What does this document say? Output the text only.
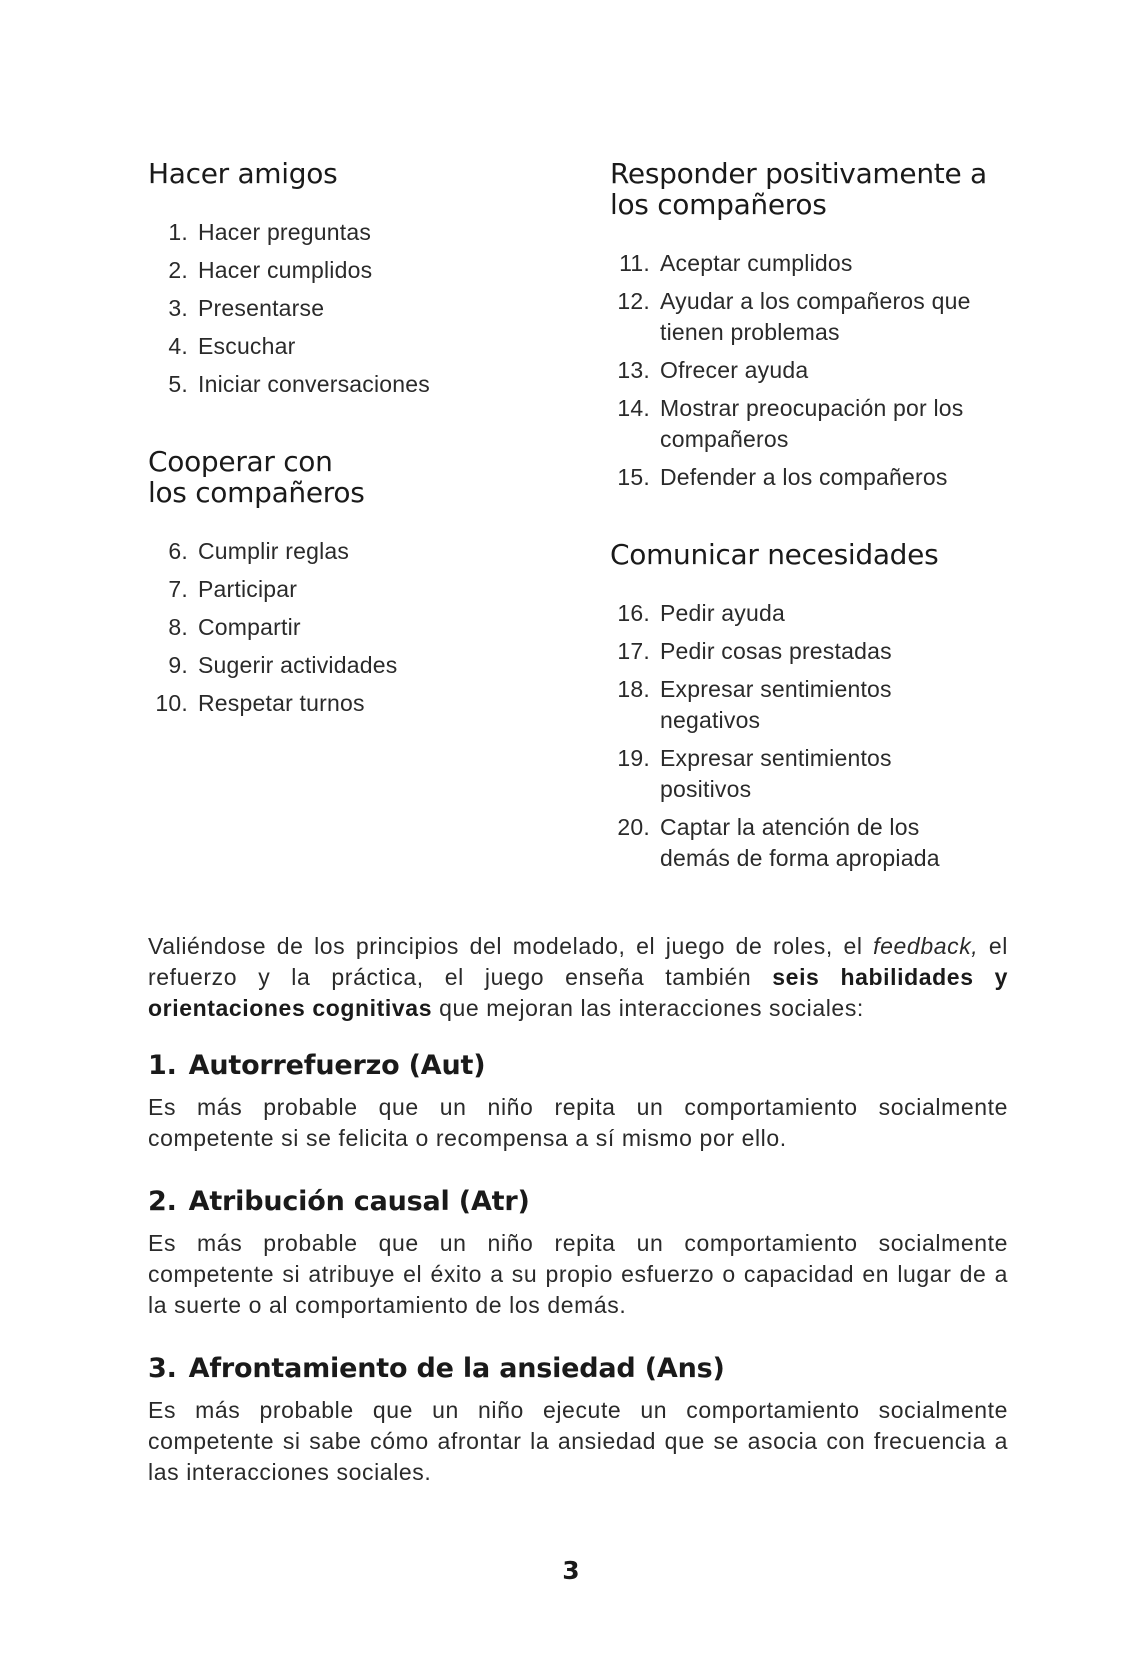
Hacer amigos
1. Hacer preguntas
2. Hacer cumplidos
3. Presentarse
4. Escuchar
5. Iniciar conversaciones
Cooperar con
los compañeros
6. Cumplir reglas
7. Participar
8. Compartir
9. Sugerir actividades
10. Respetar turnos
Responder positivamente a
los compañeros
11. Aceptar cumplidos
12. Ayudar a los compañeros que
tienen problemas
13. Ofrecer ayuda
14. Mostrar preocupación por los
compañeros
15. Defender a los compañeros
Comunicar necesidades
16. Pedir ayuda
17. Pedir cosas prestadas
18. Expresar sentimientos
negativos
19. Expresar sentimientos
positivos
20. Captar la atención de los
demás de forma apropiada

Valiéndose de los principios del modelado, el juego de roles, el feedback, el refuerzo y la práctica, el juego enseña también seis habilidades y orientaciones cognitivas que mejoran las interacciones sociales:

1. Autorrefuerzo (Aut)

Es más probable que un niño repita un comportamiento socialmente competente si se felicita o recompensa a sí mismo por ello.

2. Atribución causal (Atr)

Es más probable que un niño repita un comportamiento socialmente competente si atribuye el éxito a su propio esfuerzo o capacidad en lugar de a la suerte o al comportamiento de los demás.

3. Afrontamiento de la ansiedad (Ans)

Es más probable que un niño ejecute un comportamiento socialmente competente si sabe cómo afrontar la ansiedad que se asocia con frecuencia a las interacciones sociales.

3
